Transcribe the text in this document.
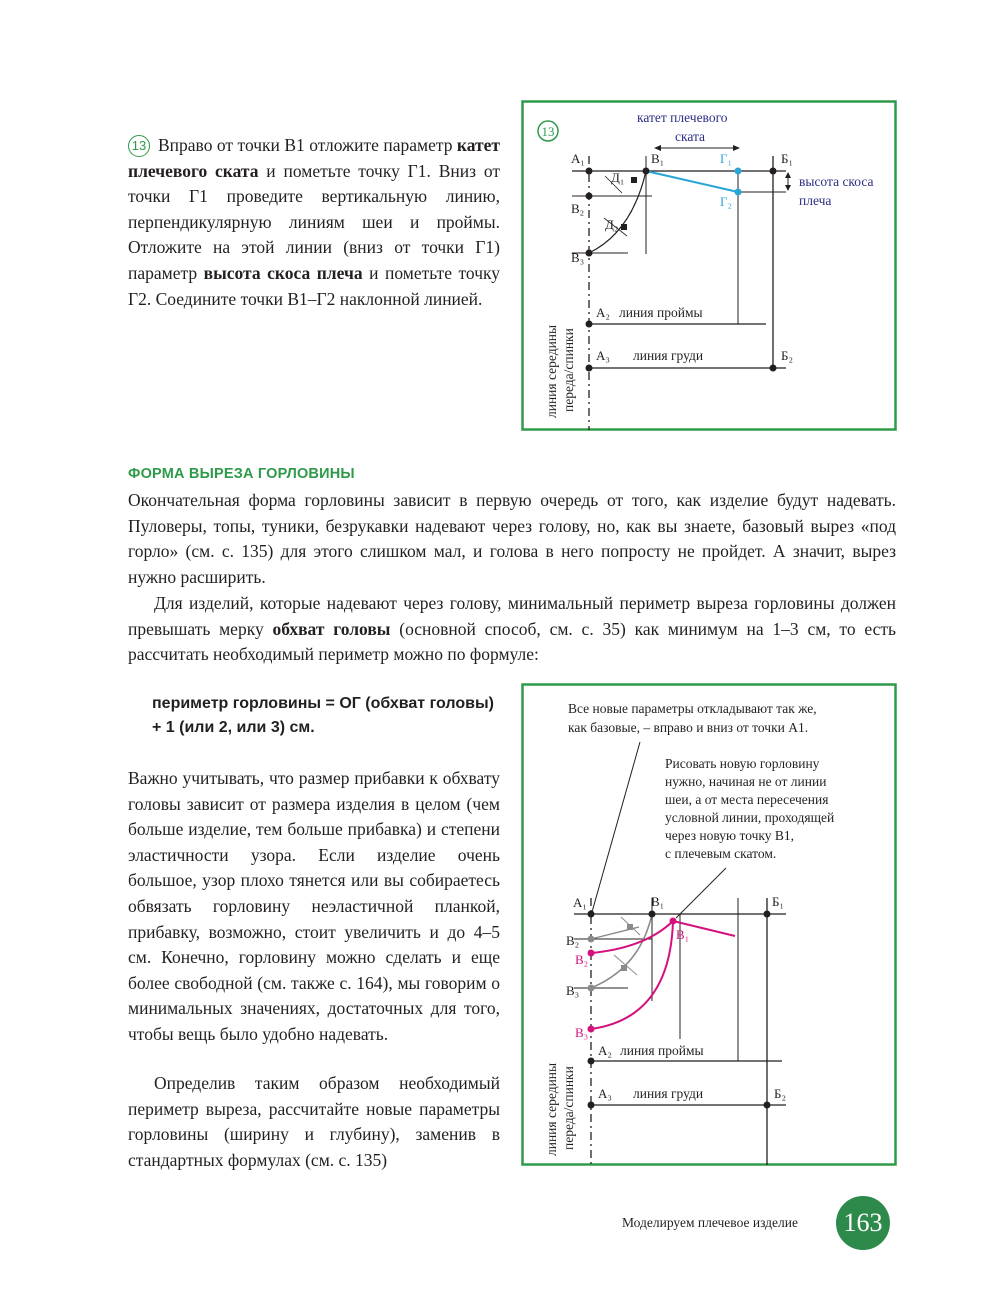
13 Вправо от точки В1 отложите параметр катет плечевого ската и пометьте точку Г1. Вниз от точки Г1 проведите вертикальную линию, перпендикулярную линиям шеи и проймы. Отложите на этой линии (вниз от точки Г1) параметр высота скоса плеча и пометьте точку Г2. Соедините точки В1–Г2 наклонной линией.

13
катет плечевого
ската
высота скоса
плеча
А₁	В₁	Г₁	Б₁
Д₁
В₂
Д₂
Г₂
В₃
А₂ линия проймы
А₃ линия груди	Б₂
линия середины переда/спинки
ФОРМА ВЫРЕЗА ГОРЛОВИНЫ

Окончательная форма горловины зависит в первую очередь от того, как изделие будут надевать. Пуловеры, топы, туники, безрукавки надевают через голову, но, как вы знаете, базовый вырез «под горло» (см. с. 135) для этого слишком мал, и голова в него попросту не пройдет. А значит, вырез нужно расширить.

Для изделий, которые надевают через голову, минимальный периметр выреза горловины должен превышать мерку обхват головы (основной способ, см. с. 35) как минимум на 1–3 см, то есть рассчитать необходимый периметр можно по формуле:

периметр горловины = ОГ (обхват головы) + 1 (или 2, или 3) см.

Важно учитывать, что размер прибавки к обхвату головы зависит от размера изделия в целом (чем больше изделие, тем больше прибавка) и степени эластичности узора. Если изделие очень большое, узор плохо тянется или вы собираетесь обвязать горловину неэластичной планкой, прибавку, возможно, стоит увеличить и до 4–5 см. Конечно, горловину можно сделать и еще более свободной (см. также с. 164), мы говорим о минимальных значениях, достаточных для того, чтобы вещь было удобно надевать.

Определив таким образом необходимый периметр выреза, рассчитайте новые параметры горловины (ширину и глубину), заменив в стандартных формулах (см. с. 135)

Все новые параметры откладывают так же,
как базовые, – вправо и вниз от точки А1.
Рисовать новую горловину
нужно, начиная не от линии
шеи, а от места пересечения
условной линии, проходящей
через новую точку В1,
с плечевым скатом.
А₁	В₁	Б₁
В₂	В₁
В₂
В₃
В₃
А₂ линия проймы
А₃ линия груди	Б₂
линия середины переда/спинки
Моделируем плечевое изделие 163
